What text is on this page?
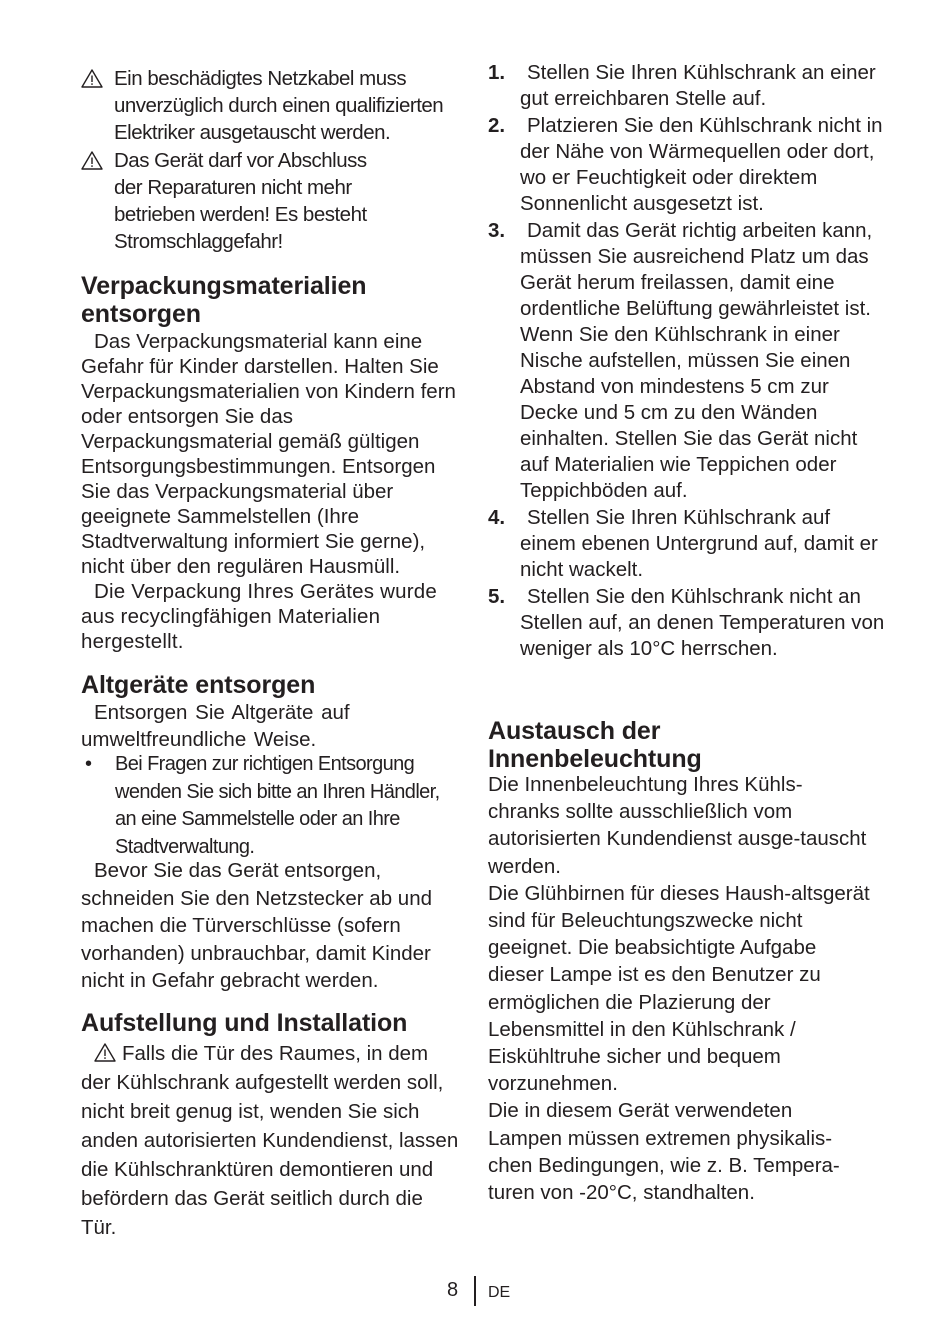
Ein beschädigtes Netzkabel muss unverzüglich durch einen qualifizierten Elektriker ausgetauscht werden.
Das Gerät darf vor Abschluss der Reparaturen nicht mehr betrieben werden! Es besteht Stromschlaggefahr!
Verpackungsmaterialien entsorgen

Das Verpackungsmaterial kann eine Gefahr für Kinder darstellen. Halten Sie Verpackungsmaterialien von Kindern fern oder entsorgen Sie das Verpackungsmaterial gemäß gültigen Entsorgungsbestimmungen. Entsorgen Sie das Verpackungsmaterial über geeignete Sammelstellen (Ihre Stadtverwaltung informiert Sie gerne), nicht über den regulären Hausmüll.

Die Verpackung Ihres Gerätes wurde aus recyclingfähigen Materialien hergestellt.

Altgeräte entsorgen

Entsorgen Sie Altgeräte auf umweltfreundliche Weise.

• Bei Fragen zur richtigen Entsorgung wenden Sie sich bitte an Ihren Händler, an eine Sammelstelle oder an Ihre Stadtverwaltung.

Bevor Sie das Gerät entsorgen, schneiden Sie den Netzstecker ab und machen die Türverschlüsse (sofern vorhanden) unbrauchbar, damit Kinder nicht in Gefahr gebracht werden.

Aufstellung und Installation

Falls die Tür des Raumes, in dem der Kühlschrank aufgestellt werden soll, nicht breit genug ist, wenden Sie sich anden autorisierten Kundendienst, lassen die Kühlschranktüren demontieren und befördern das Gerät seitlich durch die Tür.

1.	Stellen Sie Ihren Kühlschrank an einer gut erreichbaren Stelle auf.
2.	Platzieren Sie den Kühlschrank nicht in der Nähe von Wärmequellen oder dort, wo er Feuchtigkeit oder direktem Sonnenlicht ausgesetzt ist.
3.	Damit das Gerät richtig arbeiten kann, müssen Sie ausreichend Platz um das Gerät herum freilassen, damit eine ordentliche Belüftung gewährleistet ist. Wenn Sie den Kühlschrank in einer Nische aufstellen, müssen Sie einen Abstand von mindestens 5 cm zur Decke und 5 cm zu den Wänden einhalten. Stellen Sie das Gerät nicht auf Materialien wie Teppichen oder Teppichböden auf.
4.	Stellen Sie Ihren Kühlschrank auf einem ebenen Untergrund auf, damit er nicht wackelt.
5.	Stellen Sie den Kühlschrank nicht an Stellen auf, an denen Temperaturen von weniger als 10°C herrschen.
Austausch der Innenbeleuchtung

Die Innenbeleuchtung Ihres Kühls-chranks sollte ausschließlich vom autorisierten Kundendienst ausge-tauscht werden.

Die Glühbirnen für dieses Haush-altsgerät sind für Beleuchtungszwecke nicht geeignet. Die beabsichtigte Aufgabe dieser Lampe ist es den Benutzer zu ermöglichen die Plazierung der Lebensmittel in den Kühlschrank / Eiskühltruhe sicher und bequem vorzunehmen.

Die in diesem Gerät verwendeten Lampen müssen extremen physikalis-chen Bedingungen, wie z. B. Tempera-turen von -20°C, standhalten.

8 DE
